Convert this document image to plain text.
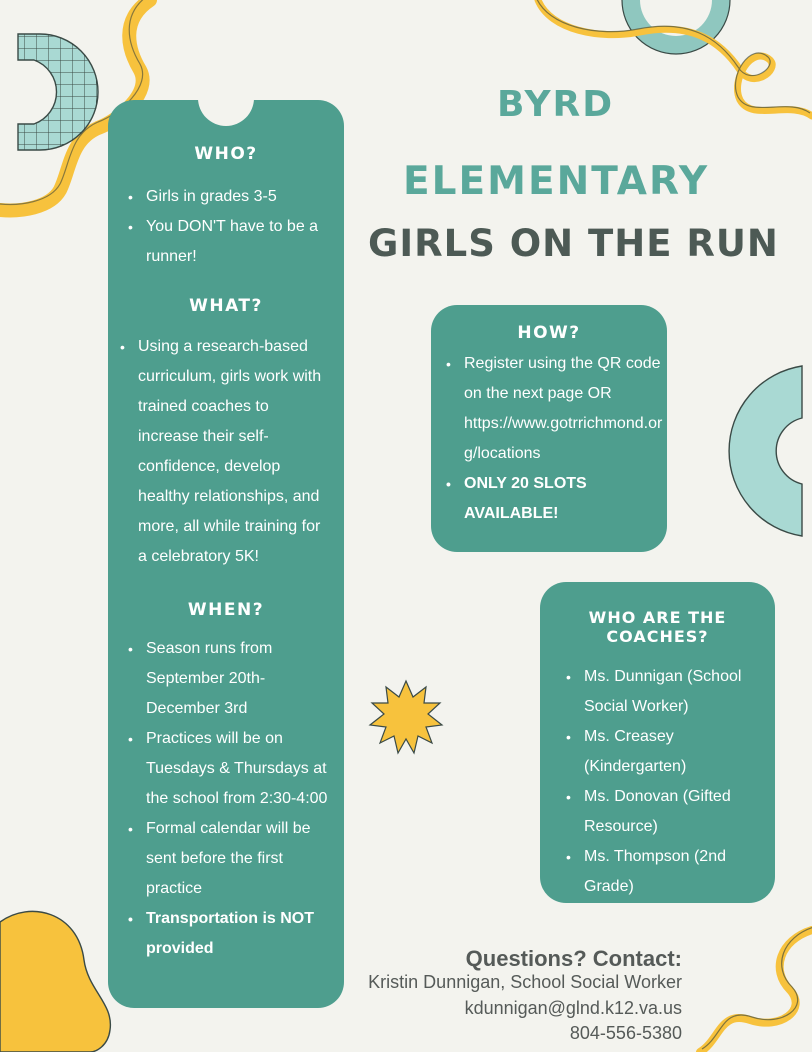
BYRD
ELEMENTARY
GIRLS ON THE RUN
WHO?
• Girls in grades 3-5
• You DON'T have to be a runner!
WHAT?
• Using a research-based curriculum, girls work with trained coaches to increase their self-confidence, develop healthy relationships, and more, all while training for a celebratory 5K!
WHEN?
• Season runs from September 20th-December 3rd
• Practices will be on Tuesdays & Thursdays at the school from 2:30-4:00
• Formal calendar will be sent before the first practice
• Transportation is NOT provided
HOW?
• Register using the QR code on the next page OR https://www.gotrrichmond.org/locations
• ONLY 20 SLOTS AVAILABLE!
WHO ARE THE COACHES?
• Ms. Dunnigan (School Social Worker)
• Ms. Creasey (Kindergarten)
• Ms. Donovan (Gifted Resource)
• Ms. Thompson (2nd Grade)
Questions? Contact:
Kristin Dunnigan, School Social Worker
kdunnigan@glnd.k12.va.us
804-556-5380
